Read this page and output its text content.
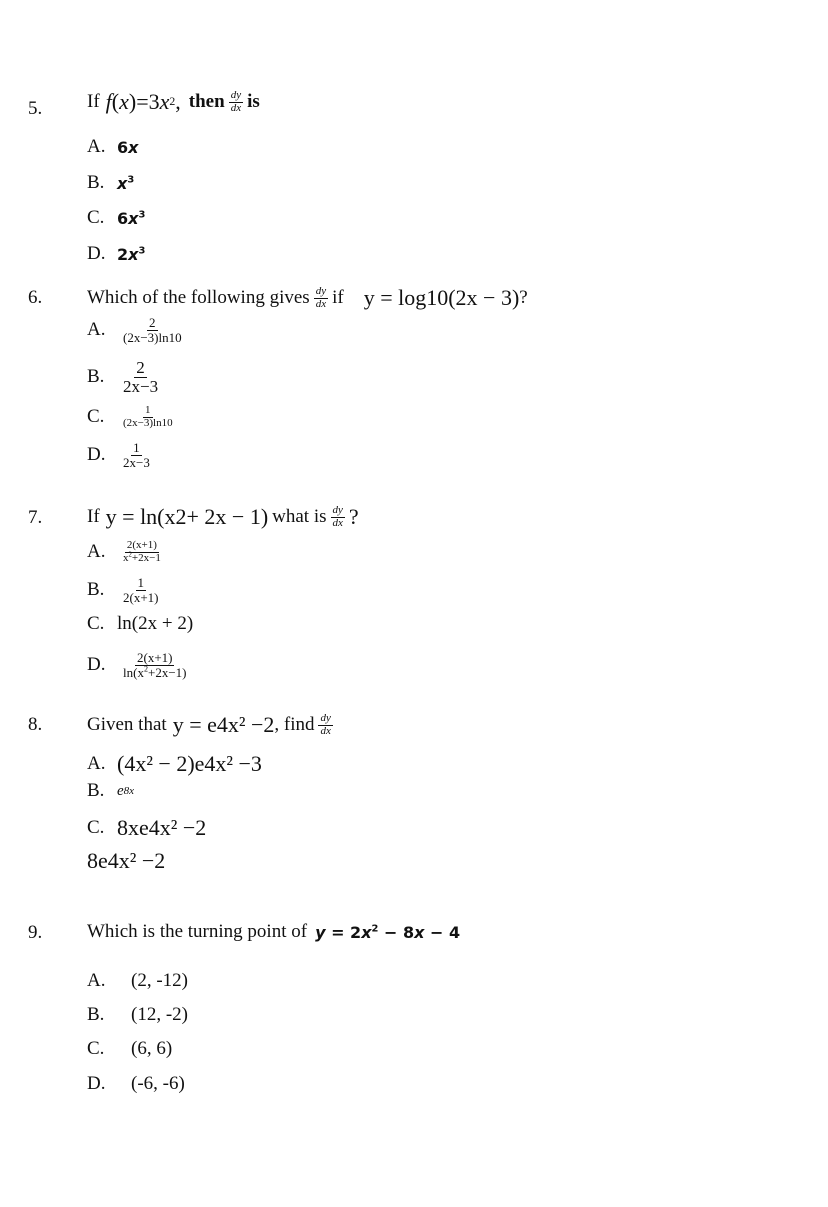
5. If f ( x ) =3 x 2 , then $\frac{dy}{dx}$ is
A. 6x
B. $x^3$
C. $6x^3$
D. $2x^3$
6. Which of the following gives $\frac{dy}{dx}$ if y = log 10 (2x − 3) ?
A.	$\frac{2}{(2x-3)\ln 10}$
B. $\frac{2}{2x-3}$
C.	$\frac{1}{(2x-3)\ln 10}$
D.	$\frac{1}{2x-3}$
7. If y = ln(x 2 + 2x − 1) what is $\frac{dy}{dx}$ ?
A.	$\frac{2(x+1)}{x^2+2x-1}$
B.	$\frac{1}{2(x+1)}$
C. ln(2x + 2)
D.	$\frac{2(x+1)}{\ln(x^2+2x-1)}$
8. Given that y = e 4x² −2 , find $\frac{dy}{dx}$
A. (4x² − 2)e 4x² −3
B. e 8x
C. 8xe 4x² −2
8e 4x² −2
9. Which is the turning point of $y = 2x^2 - 8x - 4$
A.	(2, -12)
B.	(12, -2)
C.	(6, 6)
D.	(-6, -6)
